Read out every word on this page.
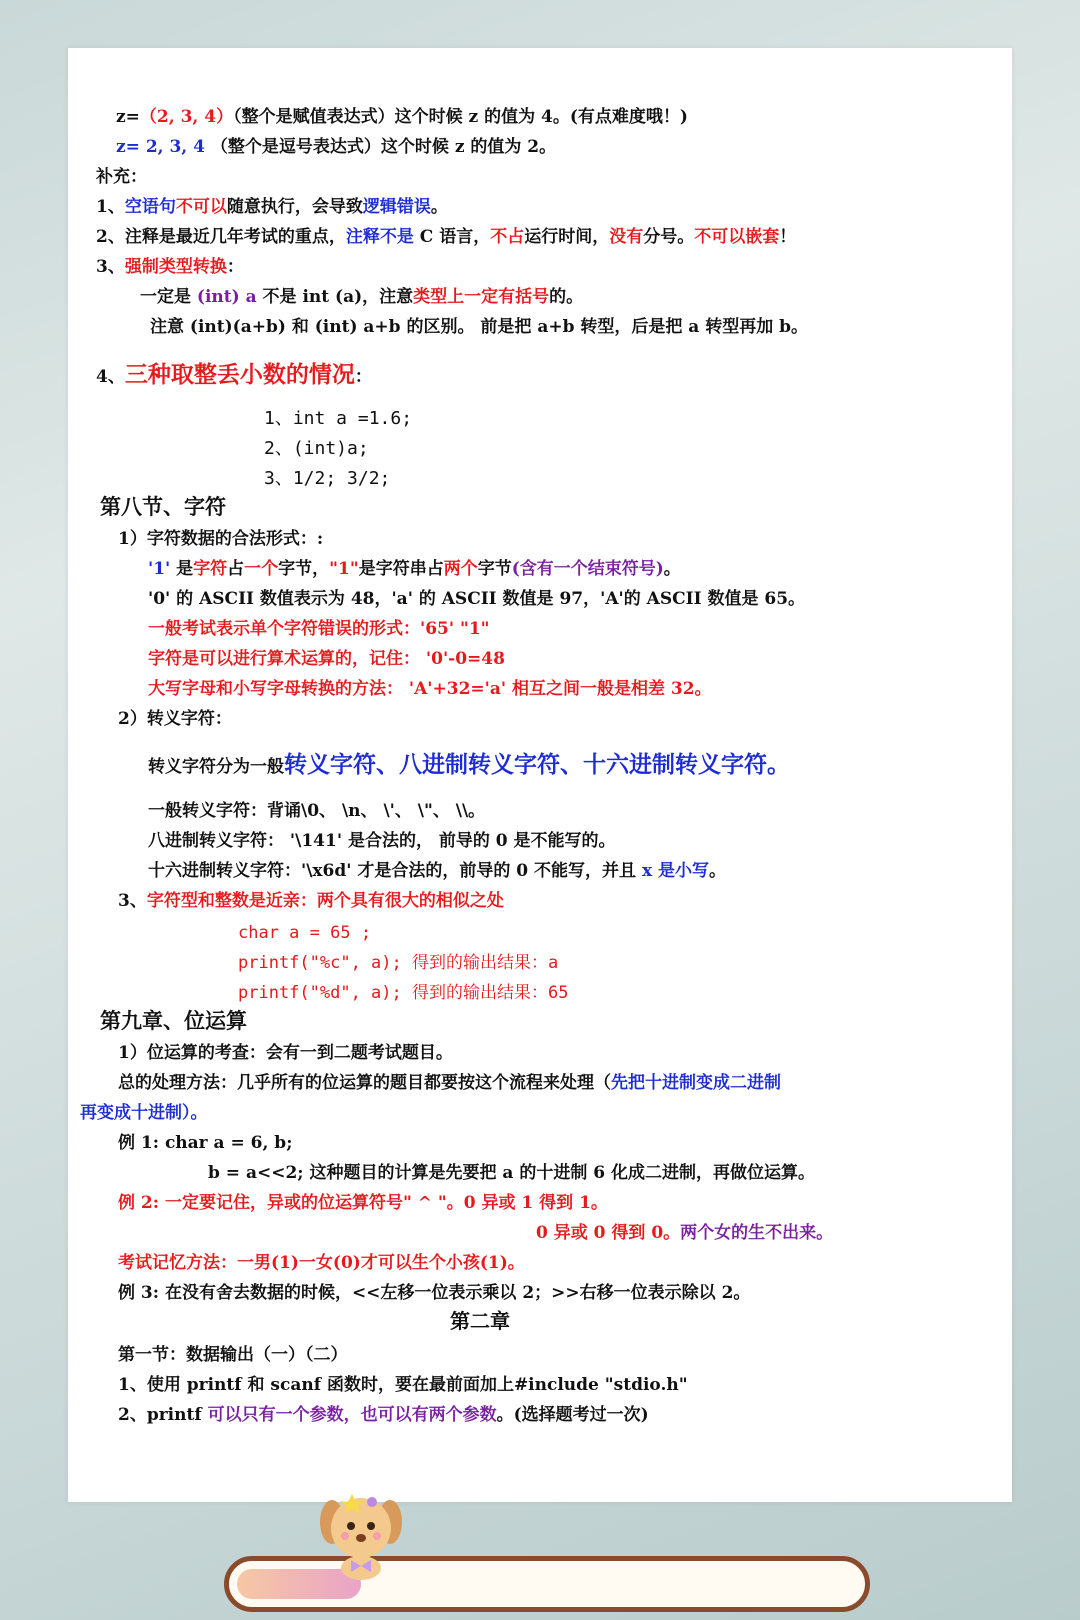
z=（2, 3, 4）（整个是赋值表达式）这个时候 z 的值为 4。(有点难度哦！)
z= 2, 3, 4 （整个是逗号表达式）这个时候 z 的值为 2。
补充：
1、空语句不可以随意执行，会导致逻辑错误。
2、注释是最近几年考试的重点，注释不是 C 语言，不占运行时间，没有分号。不可以嵌套！
3、强制类型转换：
一定是 (int) a 不是 int (a)，注意类型上一定有括号的。
注意 (int)(a+b) 和 (int) a+b 的区别。 前是把 a+b 转型，后是把 a 转型再加 b。
4、三种取整丢小数的情况：
1、int a =1.6;
2、(int)a;
3、1/2; 3/2;
第八节、字符
1）字符数据的合法形式：:
'1' 是字符占一个字节，"1"是字符串占两个字节(含有一个结束符号)。
'0' 的 ASCII 数值表示为 48，'a' 的 ASCII 数值是 97，'A'的 ASCII 数值是 65。
一般考试表示单个字符错误的形式：'65' "1"
字符是可以进行算术运算的，记住： '0'-0=48
大写字母和小写字母转换的方法： 'A'+32='a' 相互之间一般是相差 32。
2）转义字符：
转义字符分为一般转义字符、八进制转义字符、十六进制转义字符。
一般转义字符：背诵\0、 \n、 \'、 \"、 \\。
八进制转义字符： '\141' 是合法的， 前导的 0 是不能写的。
十六进制转义字符：'\x6d' 才是合法的，前导的 0 不能写，并且 x 是小写。
3、字符型和整数是近亲：两个具有很大的相似之处
char a = 65 ;
printf("%c", a); 得到的输出结果：a
printf("%d", a); 得到的输出结果：65
第九章、位运算
1）位运算的考查：会有一到二题考试题目。
总的处理方法：几乎所有的位运算的题目都要按这个流程来处理（先把十进制变成二进制
再变成十进制）。
例 1: char a = 6, b;
b = a<<2; 这种题目的计算是先要把 a 的十进制 6 化成二进制，再做位运算。
例 2: 一定要记住，异或的位运算符号" ^ "。0 异或 1 得到 1。
0 异或 0 得到 0。两个女的生不出来。
考试记忆方法：一男(1)一女(0)才可以生个小孩(1)。
例 3: 在没有舍去数据的时候，<<左移一位表示乘以 2；>>右移一位表示除以 2。
第二章
第一节：数据输出（一）（二）
1、使用 printf 和 scanf 函数时，要在最前面加上#include "stdio.h"
2、printf 可以只有一个参数，也可以有两个参数。(选择题考过一次)
